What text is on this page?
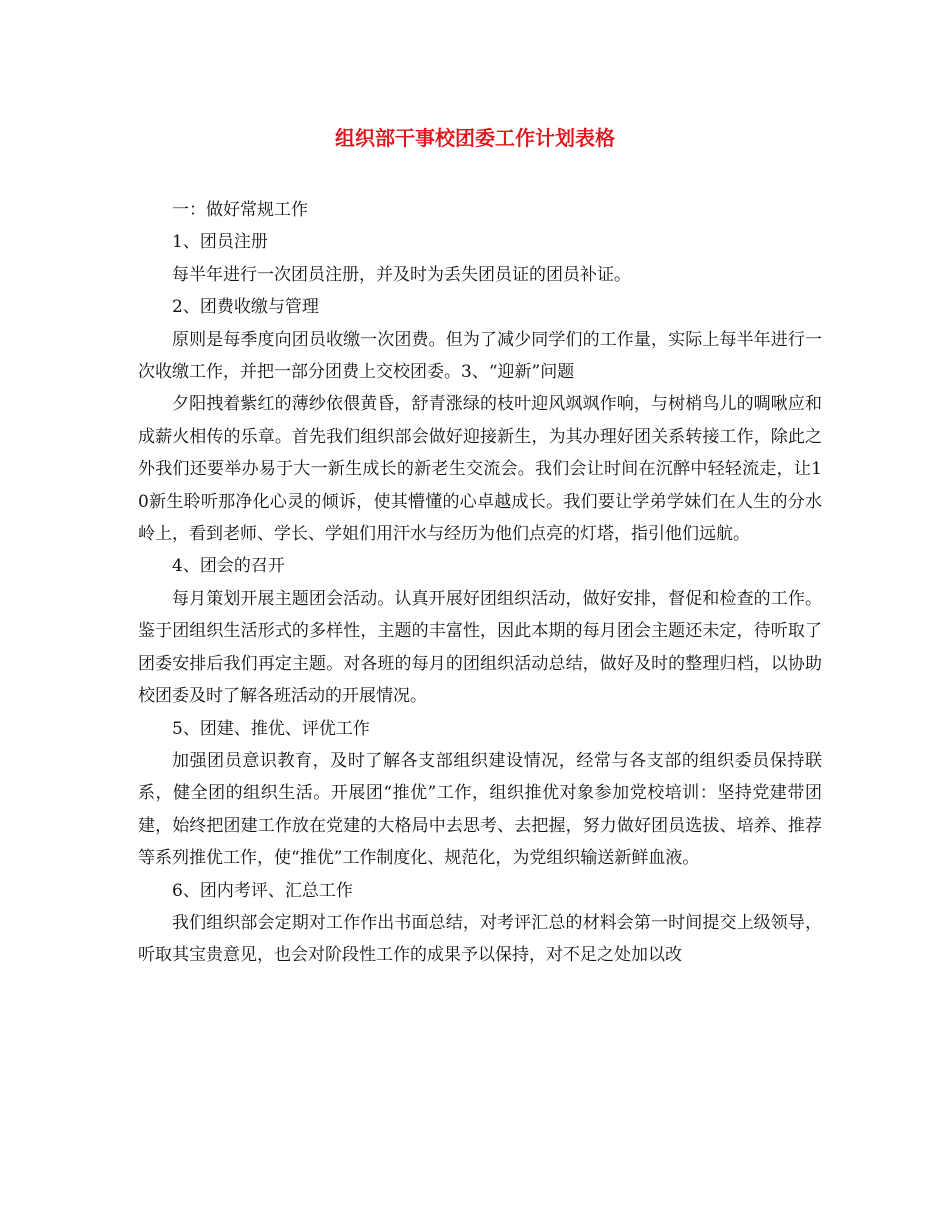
组织部干事校团委工作计划表格

一：做好常规工作

1、团员注册

每半年进行一次团员注册，并及时为丢失团员证的团员补证。

2、团费收缴与管理

原则是每季度向团员收缴一次团费。但为了减少同学们的工作量，实际上每半年进行一次收缴工作，并把一部分团费上交校团委。3、“迎新”问题

夕阳拽着紫红的薄纱依偎黄昏，舒青涨绿的枝叶迎风飒飒作响，与树梢鸟儿的啁啾应和成薪火相传的乐章。首先我们组织部会做好迎接新生，为其办理好团关系转接工作，除此之外我们还要举办易于大一新生成长的新老生交流会。我们会让时间在沉醉中轻轻流走，让10新生聆听那净化心灵的倾诉，使其懵懂的心卓越成长。我们要让学弟学妹们在人生的分水岭上，看到老师、学长、学姐们用汗水与经历为他们点亮的灯塔，指引他们远航。

4、团会的召开

每月策划开展主题团会活动。认真开展好团组织活动，做好安排，督促和检查的工作。鉴于团组织生活形式的多样性，主题的丰富性，因此本期的每月团会主题还未定，待听取了团委安排后我们再定主题。对各班的每月的团组织活动总结，做好及时的整理归档，以协助校团委及时了解各班活动的开展情况。

5、团建、推优、评优工作

加强团员意识教育，及时了解各支部组织建设情况，经常与各支部的组织委员保持联系，健全团的组织生活。开展团“推优”工作，组织推优对象参加党校培训：坚持党建带团建，始终把团建工作放在党建的大格局中去思考、去把握，努力做好团员选拔、培养、推荐等系列推优工作，使“推优”工作制度化、规范化，为党组织输送新鲜血液。

6、团内考评、汇总工作

我们组织部会定期对工作作出书面总结，对考评汇总的材料会第一时间提交上级领导，听取其宝贵意见，也会对阶段性工作的成果予以保持，对不足之处加以改
